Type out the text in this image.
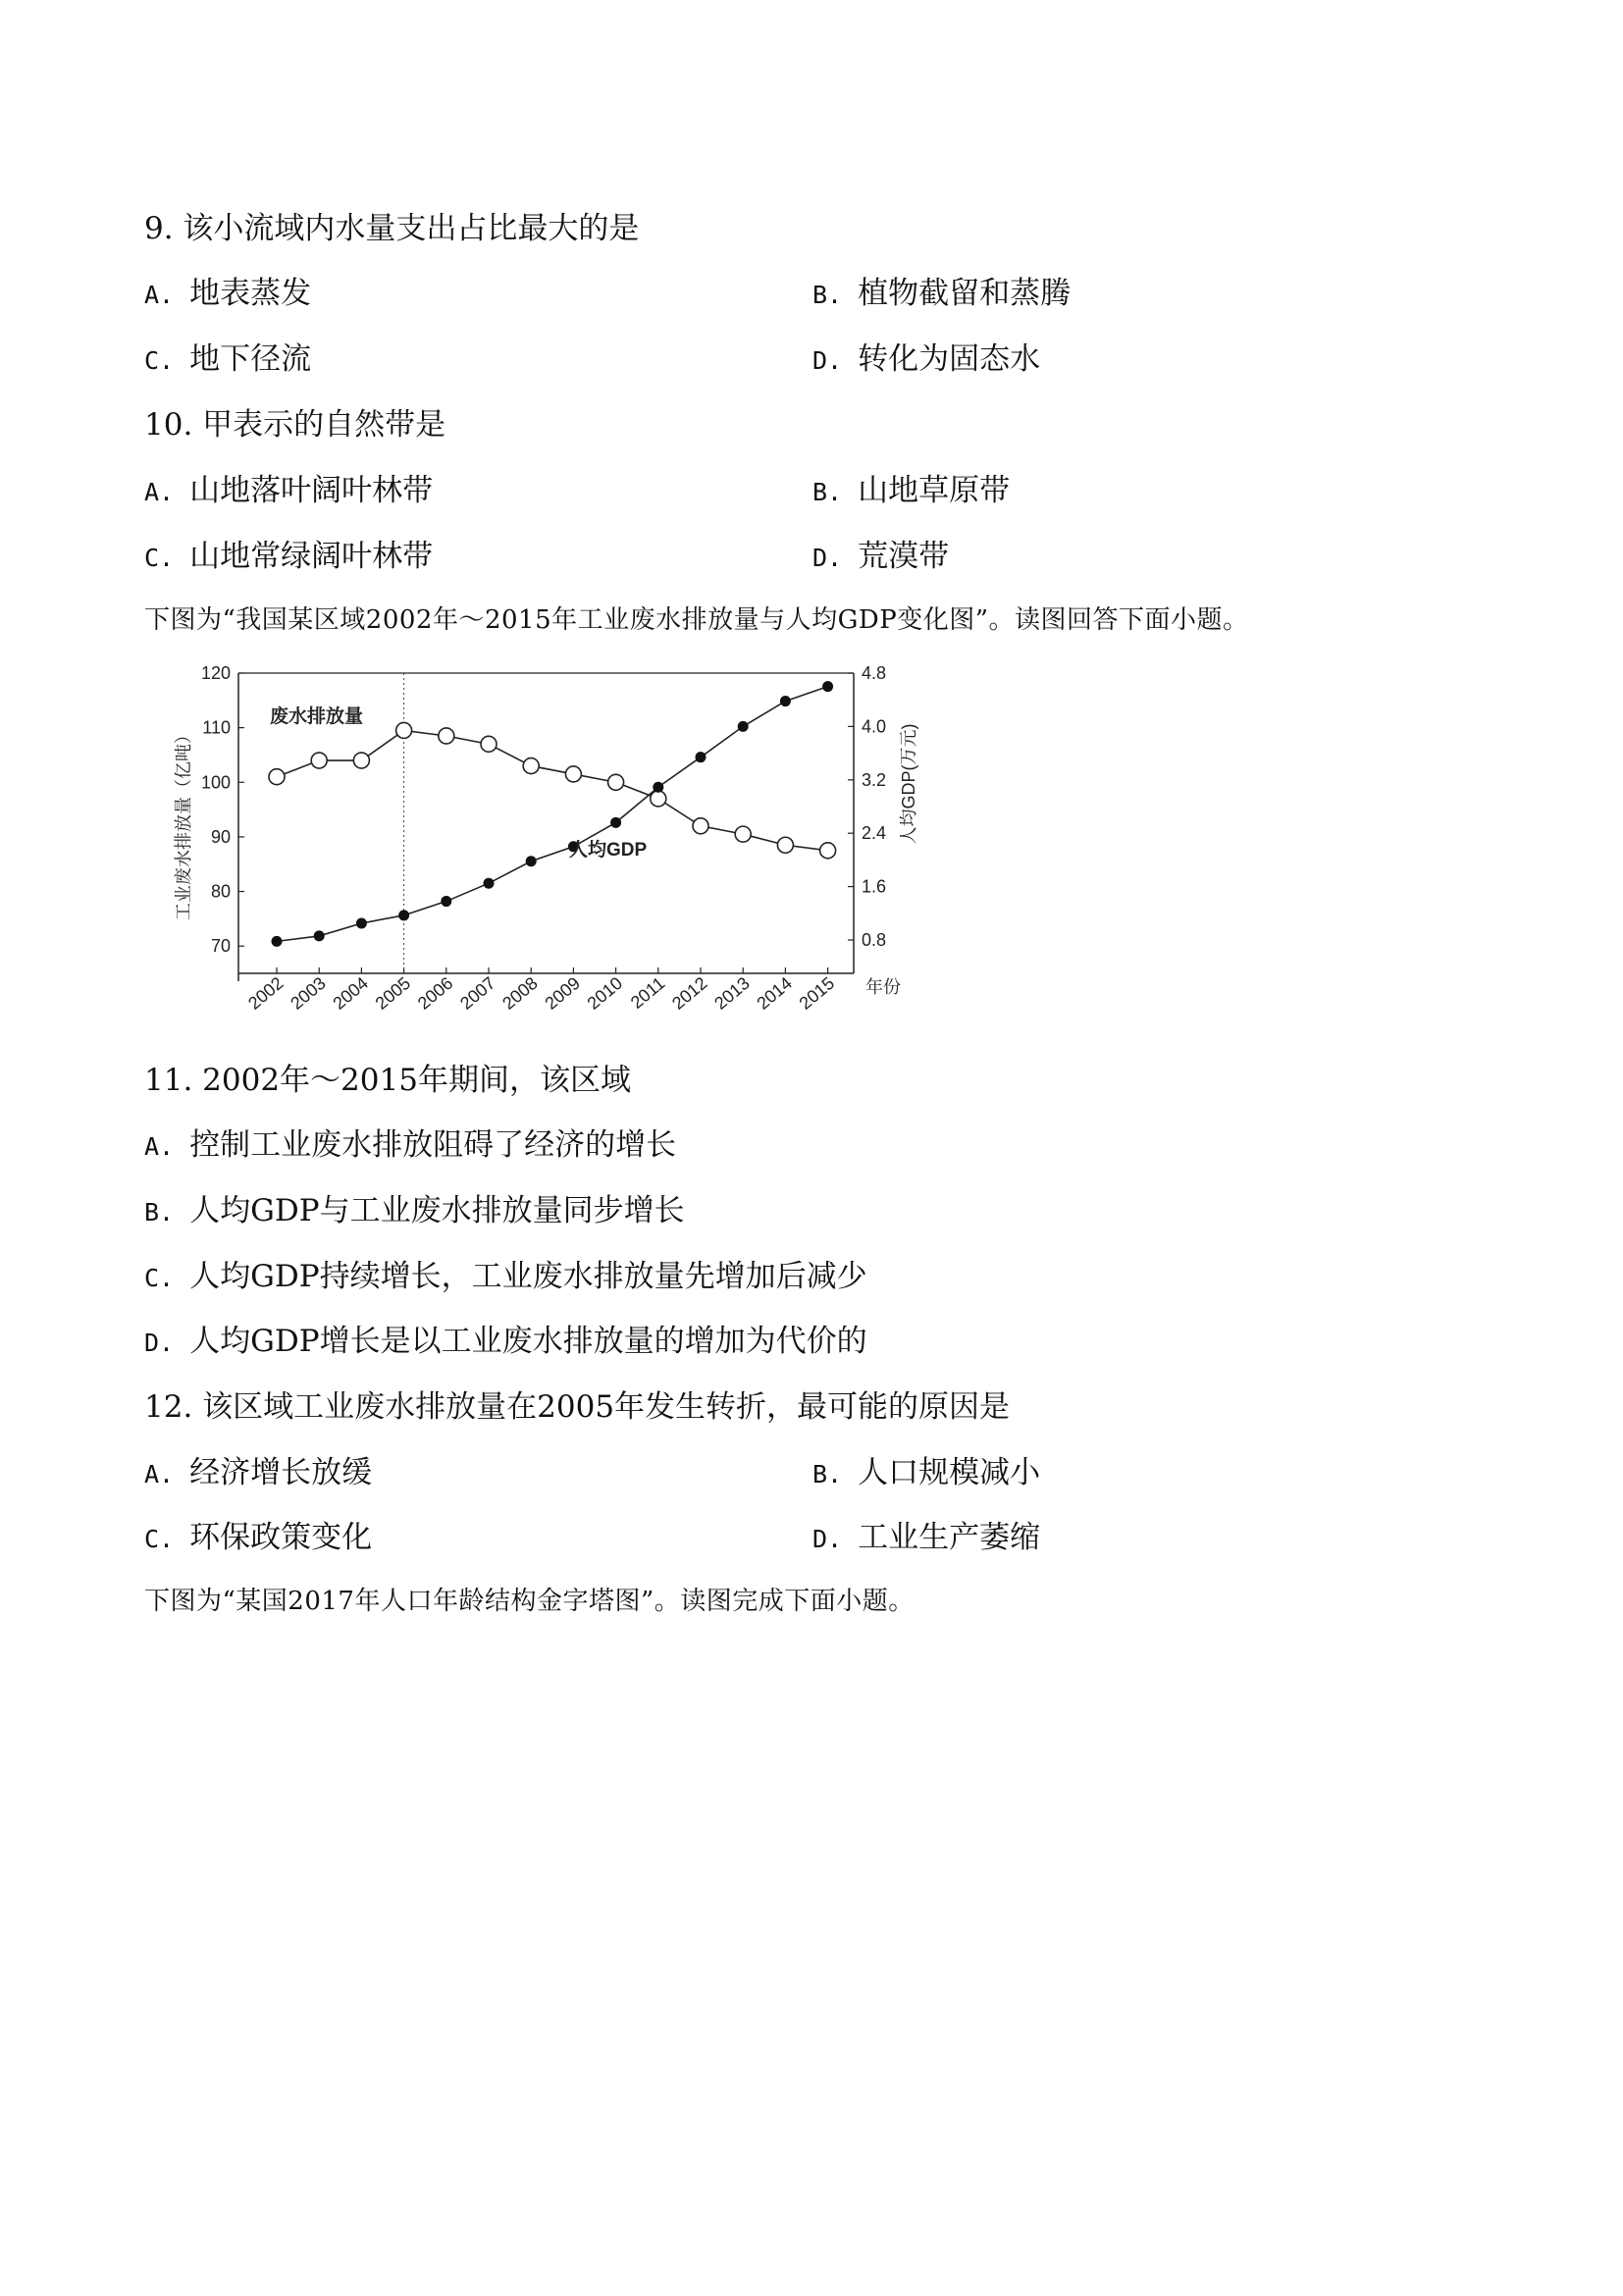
9. 该小流域内水量支出占比最大的是
A. 地表蒸发	B. 植物截留和蒸腾
C. 地下径流	D. 转化为固态水
10. 甲表示的自然带是
A. 山地落叶阔叶林带	B. 山地草原带
C. 山地常绿阔叶林带	D. 荒漠带
下图为“我国某区域2002年～2015年工业废水排放量与人均GDP变化图”。读图回答下面小题。
70
80
90
100
110
120
0.8
1.6
2.4
3.2
4.0
4.8
2002 2003 2004 2005 2006 2007 2008 2009 2010 2011 2012 2013 2014 2015 年份
工业废水排放量（亿吨）	人均GDP(万元)
废水排放量
人均GDP
11. 2002年～2015年期间，该区域
A. 控制工业废水排放阻碍了经济的增长
B. 人均GDP与工业废水排放量同步增长
C. 人均GDP持续增长，工业废水排放量先增加后减少
D. 人均GDP增长是以工业废水排放量的增加为代价的
12. 该区域工业废水排放量在2005年发生转折，最可能的原因是
A. 经济增长放缓	B. 人口规模减小
C. 环保政策变化	D. 工业生产萎缩
下图为“某国2017年人口年龄结构金字塔图”。读图完成下面小题。
